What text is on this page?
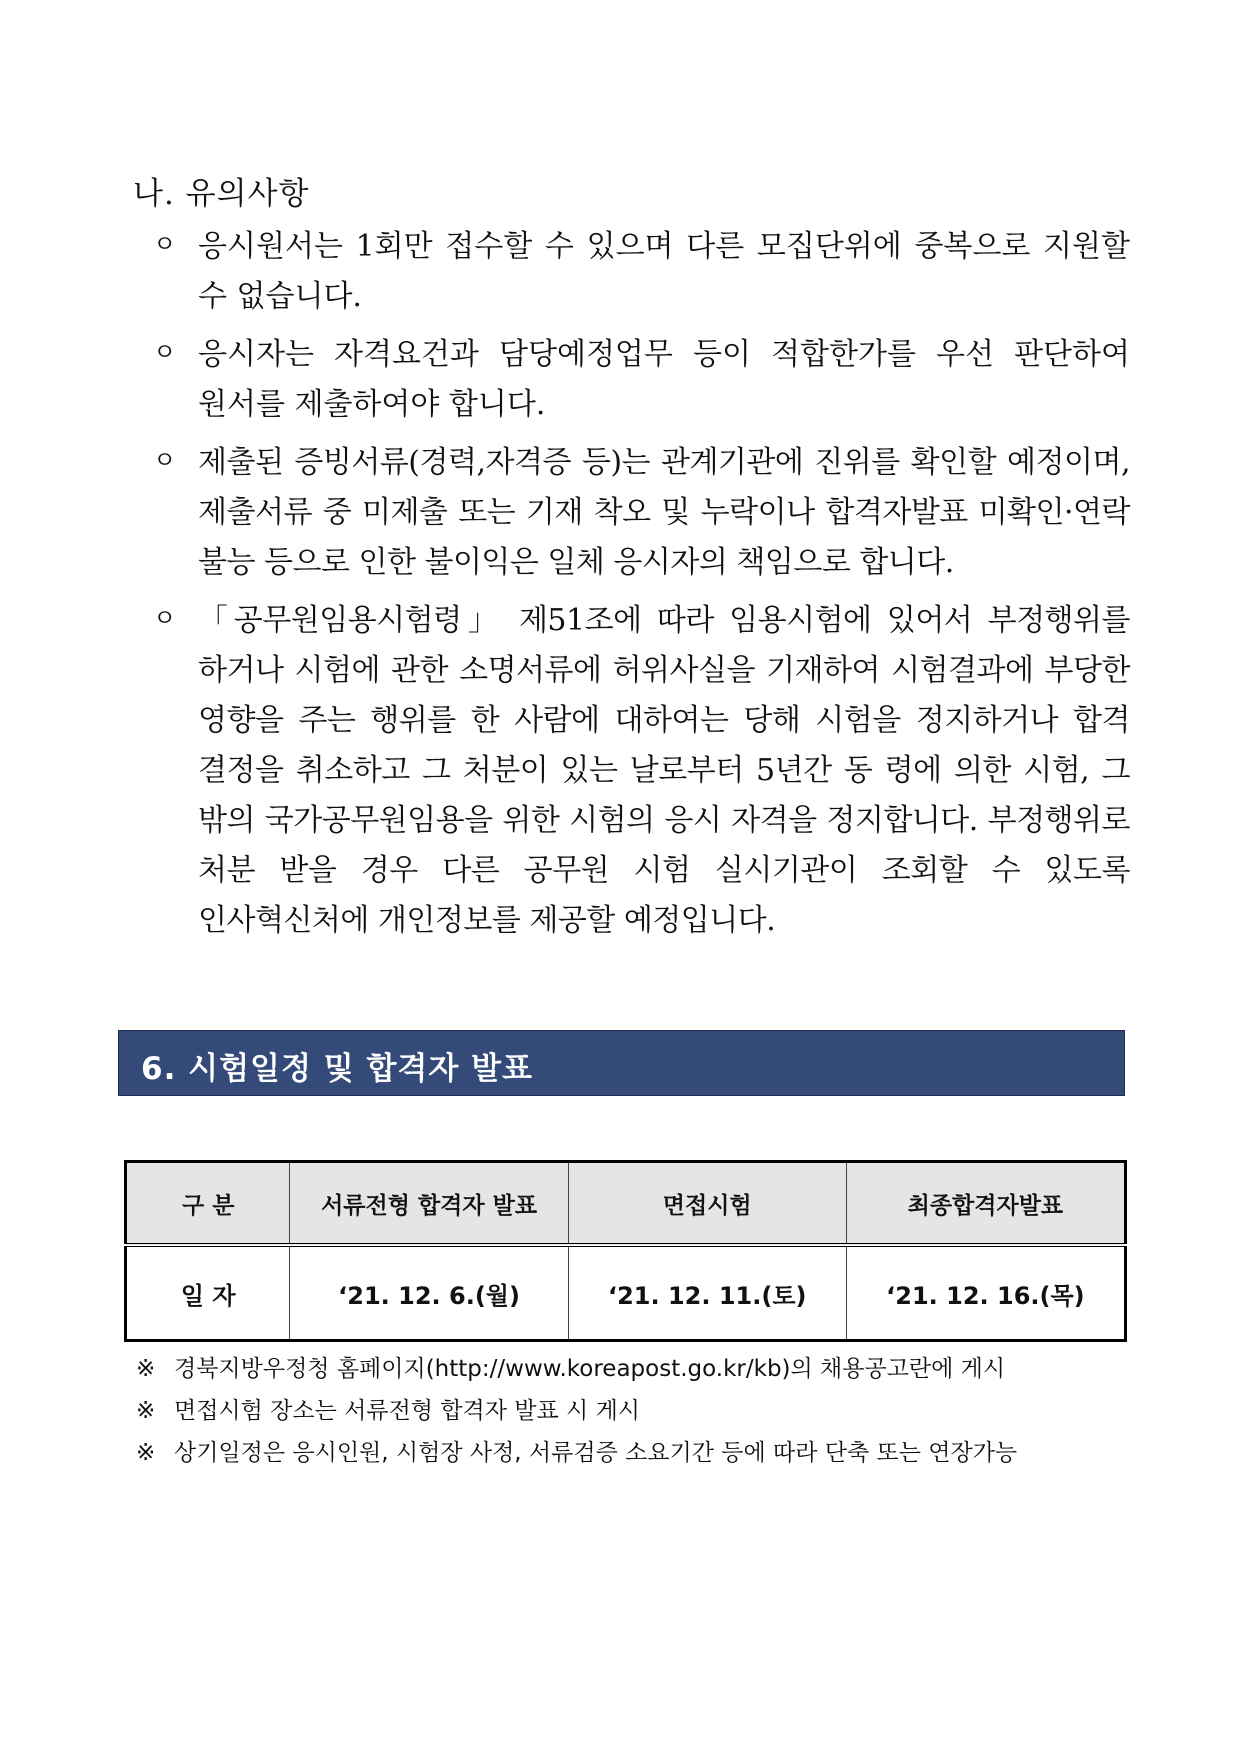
나. 유의사항
ㅇ 응시원서는 1회만 접수할 수 있으며 다른 모집단위에 중복으로 지원할 수 없습니다.
ㅇ 응시자는 자격요건과 담당예정업무 등이 적합한가를 우선 판단하여 원서를 제출하여야 합니다.
ㅇ 제출된 증빙서류(경력,자격증 등)는 관계기관에 진위를 확인할 예정이며, 제출서류 중 미제출 또는 기재 착오 및 누락이나 합격자발표 미확인·연락 불능 등으로 인한 불이익은 일체 응시자의 책임으로 합니다.
ㅇ 「공무원임용시험령」 제51조에 따라 임용시험에 있어서 부정행위를 하거나 시험에 관한 소명서류에 허위사실을 기재하여 시험결과에 부당한 영향을 주는 행위를 한 사람에 대하여는 당해 시험을 정지하거나 합격 결정을 취소하고 그 처분이 있는 날로부터 5년간 동 령에 의한 시험, 그 밖의 국가공무원임용을 위한 시험의 응시 자격을 정지합니다. 부정행위로 처분 받을 경우 다른 공무원 시험 실시기관이 조회할 수 있도록 인사혁신처에 개인정보를 제공할 예정입니다.
6. 시험일정 및 합격자 발표
구 분	서류전형 합격자 발표	면접시험	최종합격자발표
일 자	‘21. 12. 6.(월)	‘21. 12. 11.(토)	‘21. 12. 16.(목)
※ 경북지방우정청 홈페이지(http://www.koreapost.go.kr/kb)의 채용공고란에 게시
※ 면접시험 장소는 서류전형 합격자 발표 시 게시
※ 상기일정은 응시인원, 시험장 사정, 서류검증 소요기간 등에 따라 단축 또는 연장가능
